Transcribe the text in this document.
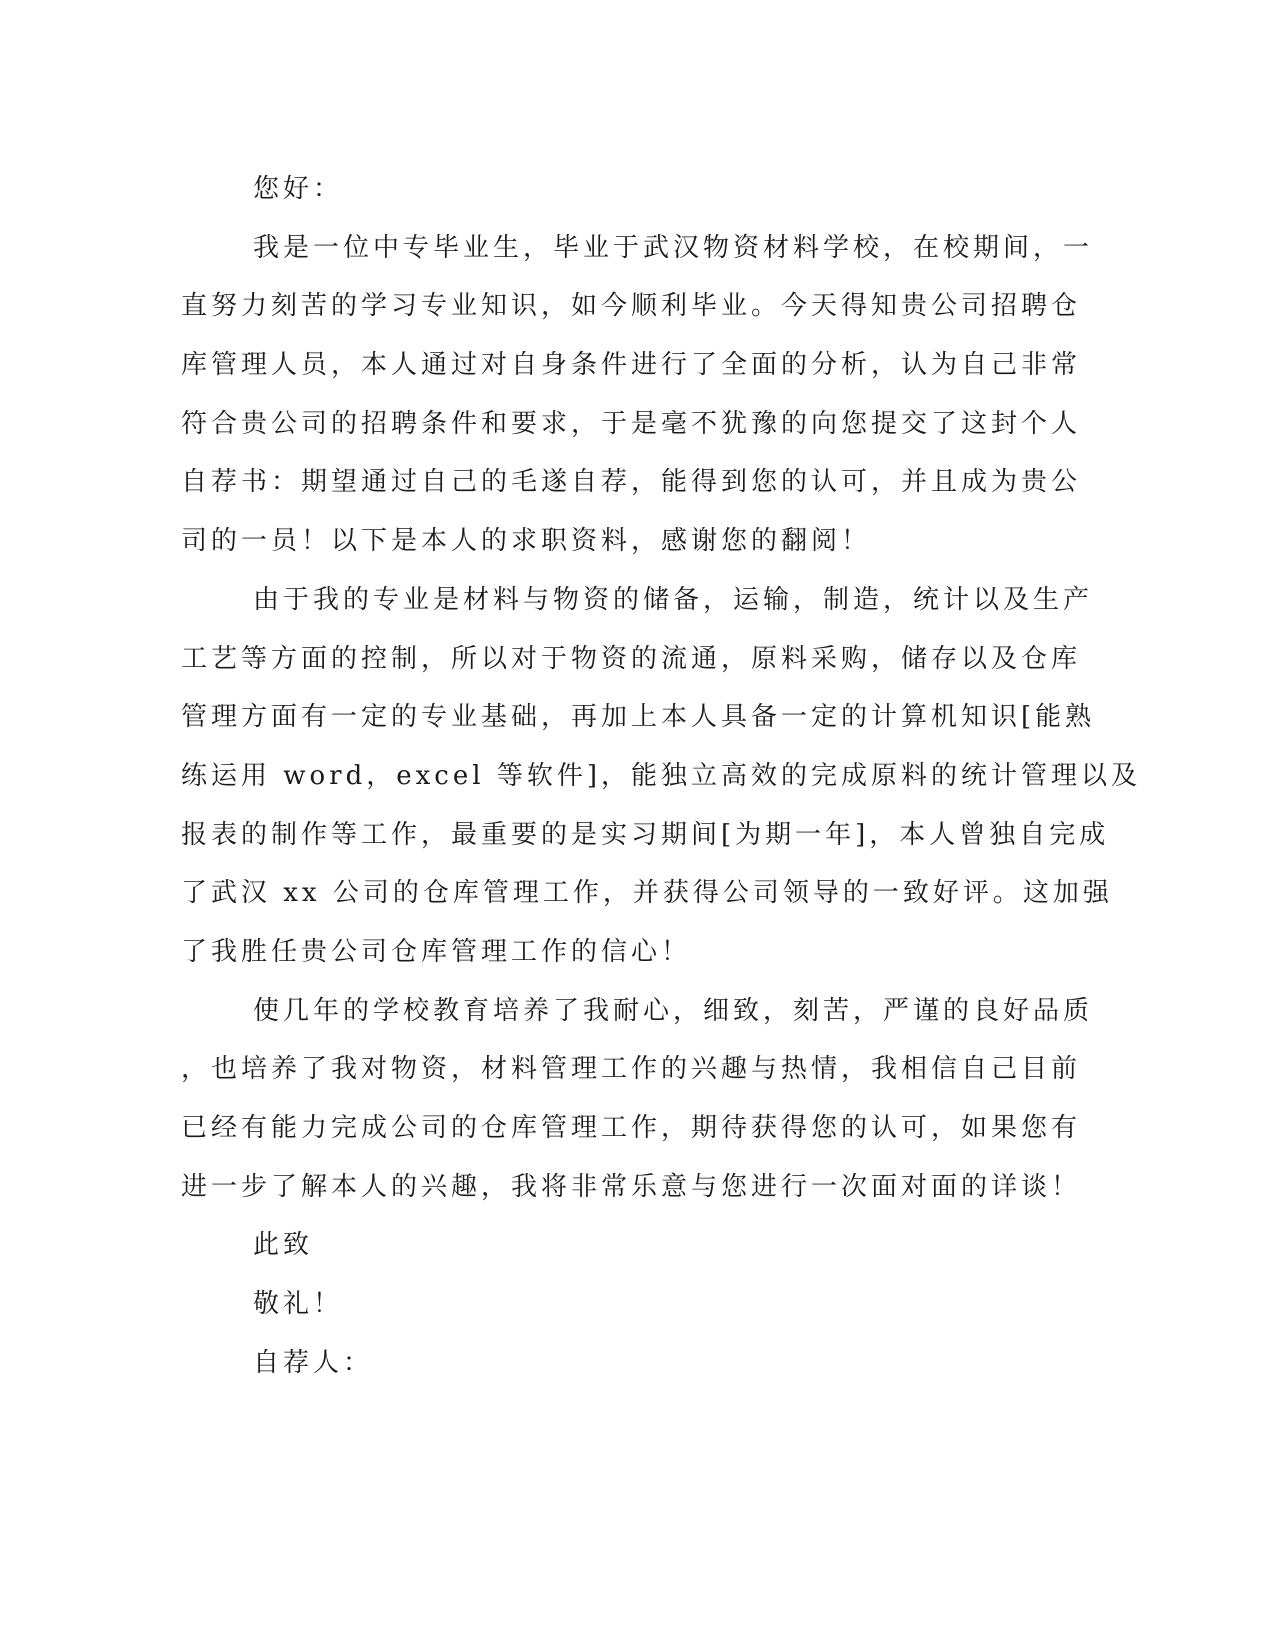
您好：
我是一位中专毕业生，毕业于武汉物资材料学校，在校期间，一
直努力刻苦的学习专业知识，如今顺利毕业。今天得知贵公司招聘仓
库管理人员，本人通过对自身条件进行了全面的分析，认为自己非常
符合贵公司的招聘条件和要求，于是毫不犹豫的向您提交了这封个人
自荐书：期望通过自己的毛遂自荐，能得到您的认可，并且成为贵公
司的一员！以下是本人的求职资料，感谢您的翻阅！
由于我的专业是材料与物资的储备，运输，制造，统计以及生产
工艺等方面的控制，所以对于物资的流通，原料采购，储存以及仓库
管理方面有一定的专业基础，再加上本人具备一定的计算机知识[能熟
练运用 word，excel 等软件]，能独立高效的完成原料的统计管理以及
报表的制作等工作，最重要的是实习期间[为期一年]，本人曾独自完成
了武汉 xx 公司的仓库管理工作，并获得公司领导的一致好评。这加强
了我胜任贵公司仓库管理工作的信心！
使几年的学校教育培养了我耐心，细致，刻苦，严谨的良好品质
，也培养了我对物资，材料管理工作的兴趣与热情，我相信自己目前
已经有能力完成公司的仓库管理工作，期待获得您的认可，如果您有
进一步了解本人的兴趣，我将非常乐意与您进行一次面对面的详谈！
此致
敬礼！
自荐人：
